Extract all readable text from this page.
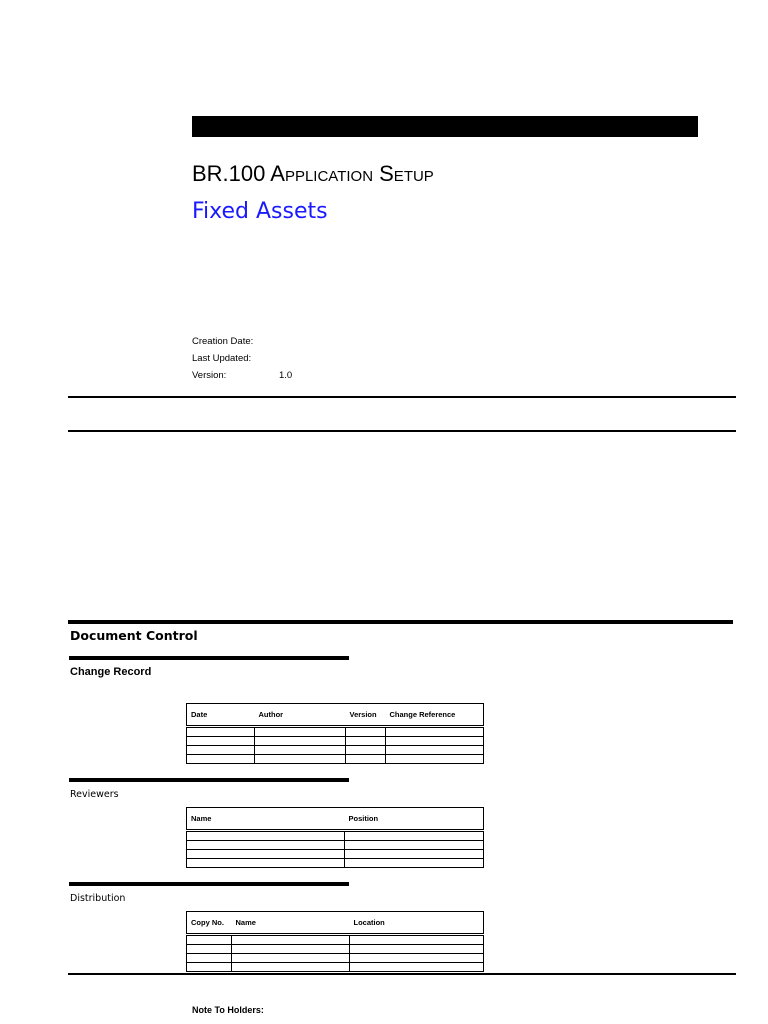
BR.100 Application Setup
Fixed Assets
Creation Date:
Last Updated:
Version:	1.0
Document Control
Change Record
Date	Author	Version	Change Reference

Reviewers
Name	Position

Distribution
Copy No.	Name	Location

Note To Holders:
